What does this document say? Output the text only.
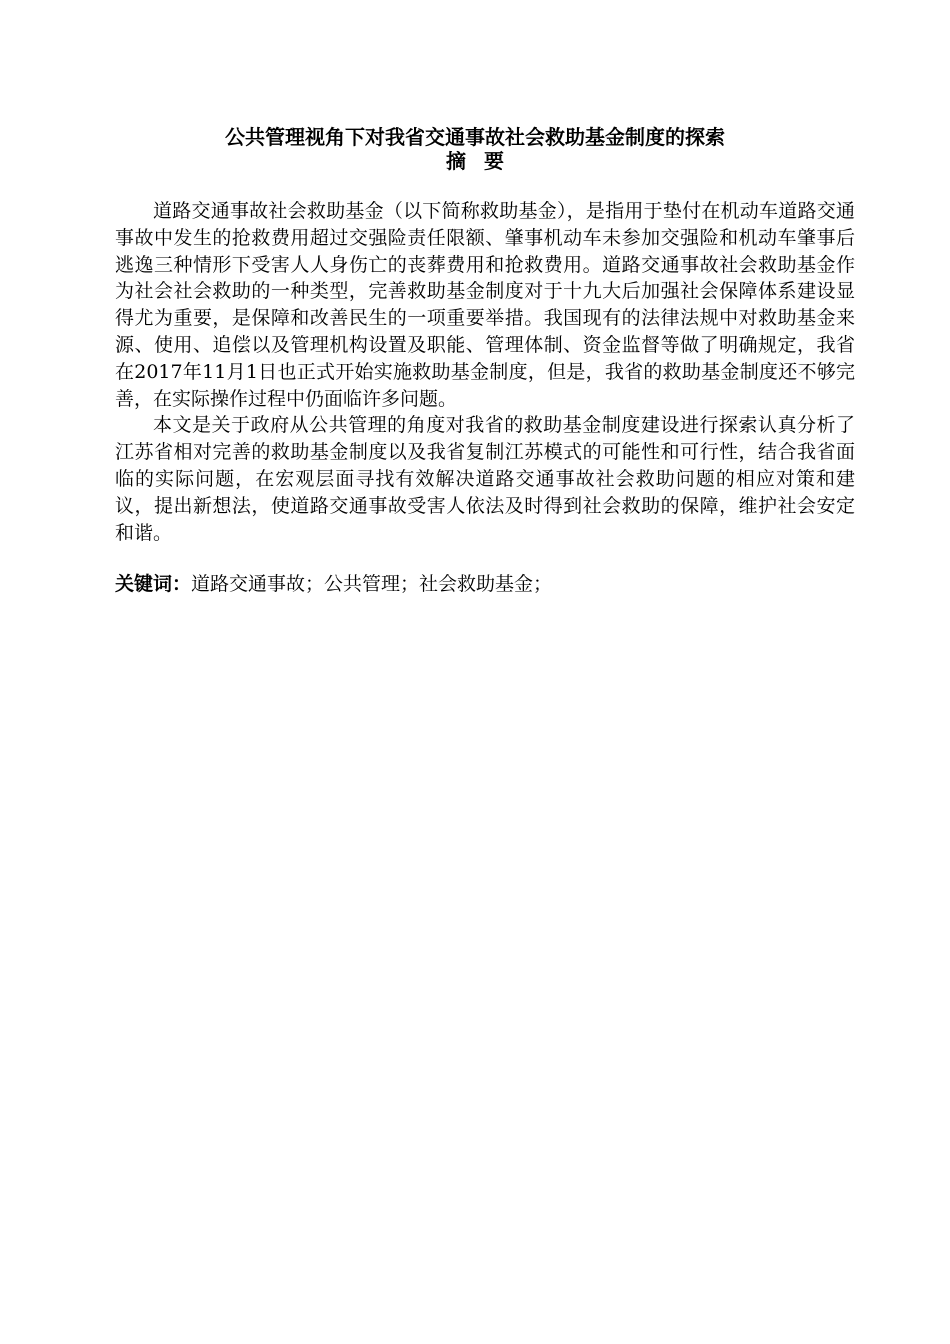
公共管理视角下对我省交通事故社会救助基金制度的探索
摘要

道路交通事故社会救助基金（以下简称救助基金），是指用于垫付在机动车道路交通事故中发生的抢救费用超过交强险责任限额、肇事机动车未参加交强险和机动车肇事后逃逸三种情形下受害人人身伤亡的丧葬费用和抢救费用。道路交通事故社会救助基金作为社会社会救助的一种类型，完善救助基金制度对于十九大后加强社会保障体系建设显得尤为重要，是保障和改善民生的一项重要举措。我国现有的法律法规中对救助基金来源、使用、追偿以及管理机构设置及职能、管理体制、资金监督等做了明确规定，我省在2017年11月1日也正式开始实施救助基金制度，但是，我省的救助基金制度还不够完善，在实际操作过程中仍面临许多问题。

本文是关于政府从公共管理的角度对我省的救助基金制度建设进行探索认真分析了江苏省相对完善的救助基金制度以及我省复制江苏模式的可能性和可行性，结合我省面临的实际问题，在宏观层面寻找有效解决道路交通事故社会救助问题的相应对策和建议，提出新想法，使道路交通事故受害人依法及时得到社会救助的保障，维护社会安定和谐。

关键词：道路交通事故；公共管理；社会救助基金；
